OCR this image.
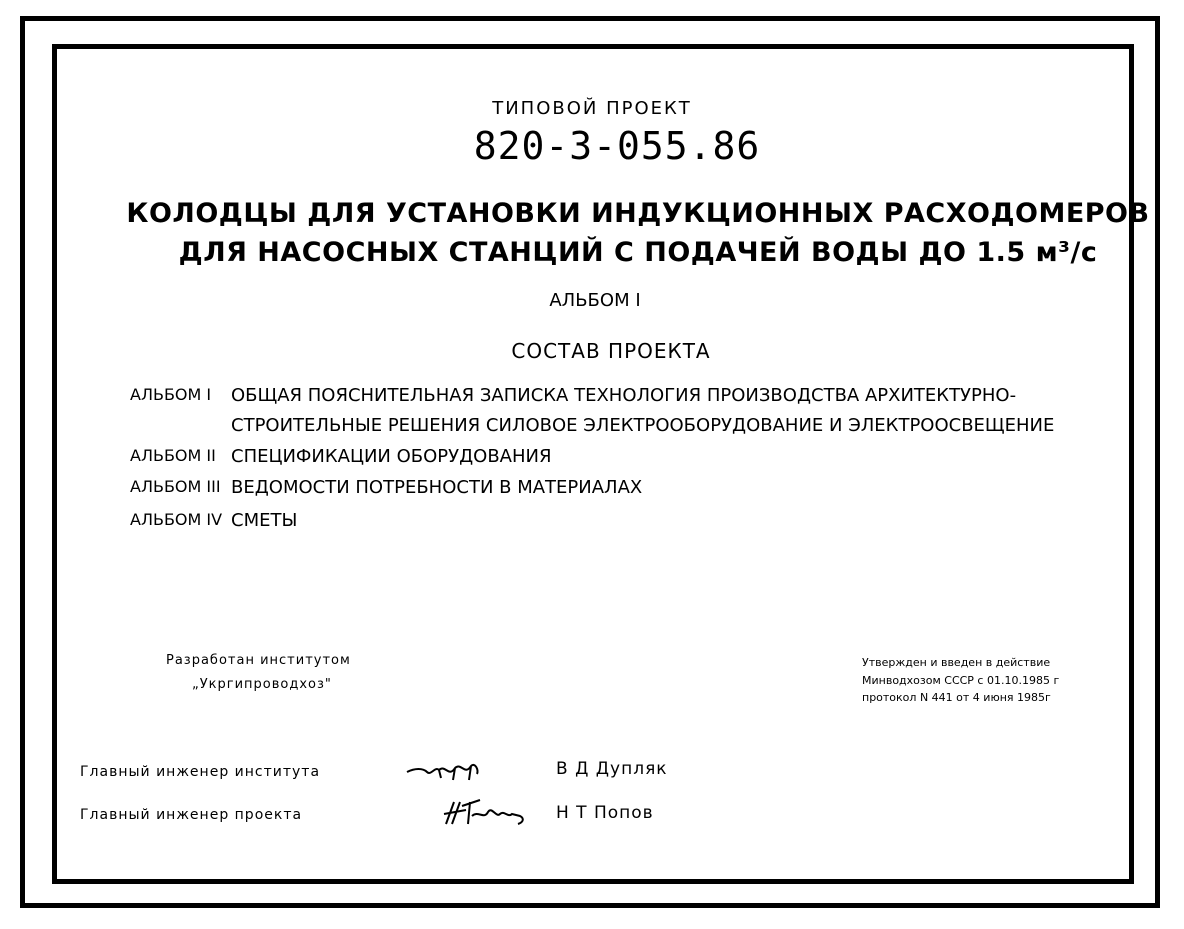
ТИПОВОЙ ПРОЕКТ
820-3-055.86
КОЛОДЦЫ ДЛЯ УСТАНОВКИ ИНДУКЦИОННЫХ РАСХОДОМЕРОВ
ДЛЯ НАСОСНЫХ СТАНЦИЙ С ПОДАЧЕЙ ВОДЫ ДО 1.5 м³/с
АЛЬБОМ I
СОСТАВ ПРОЕКТА
АЛЬБОМ I ОБЩАЯ ПОЯСНИТЕЛЬНАЯ ЗАПИСКА ТЕХНОЛОГИЯ ПРОИЗВОДСТВА АРХИТЕКТУРНО-
СТРОИТЕЛЬНЫЕ РЕШЕНИЯ СИЛОВОЕ ЭЛЕКТРООБОРУДОВАНИЕ И ЭЛЕКТРООСВЕЩЕНИЕ
АЛЬБОМ II СПЕЦИФИКАЦИИ ОБОРУДОВАНИЯ
АЛЬБОМ III ВЕДОМОСТИ ПОТРЕБНОСТИ В МАТЕРИАЛАХ
АЛЬБОМ IV СМЕТЫ
Разработан институтом
„Укргипроводхоз"
Утвержден и введен в действие
Минводхозом СССР с 01.10.1985 г
протокол N 441 от 4 июня 1985г
Главный инженер института	В Д Дупляк
Главный инженер проекта	Н Т Попов
